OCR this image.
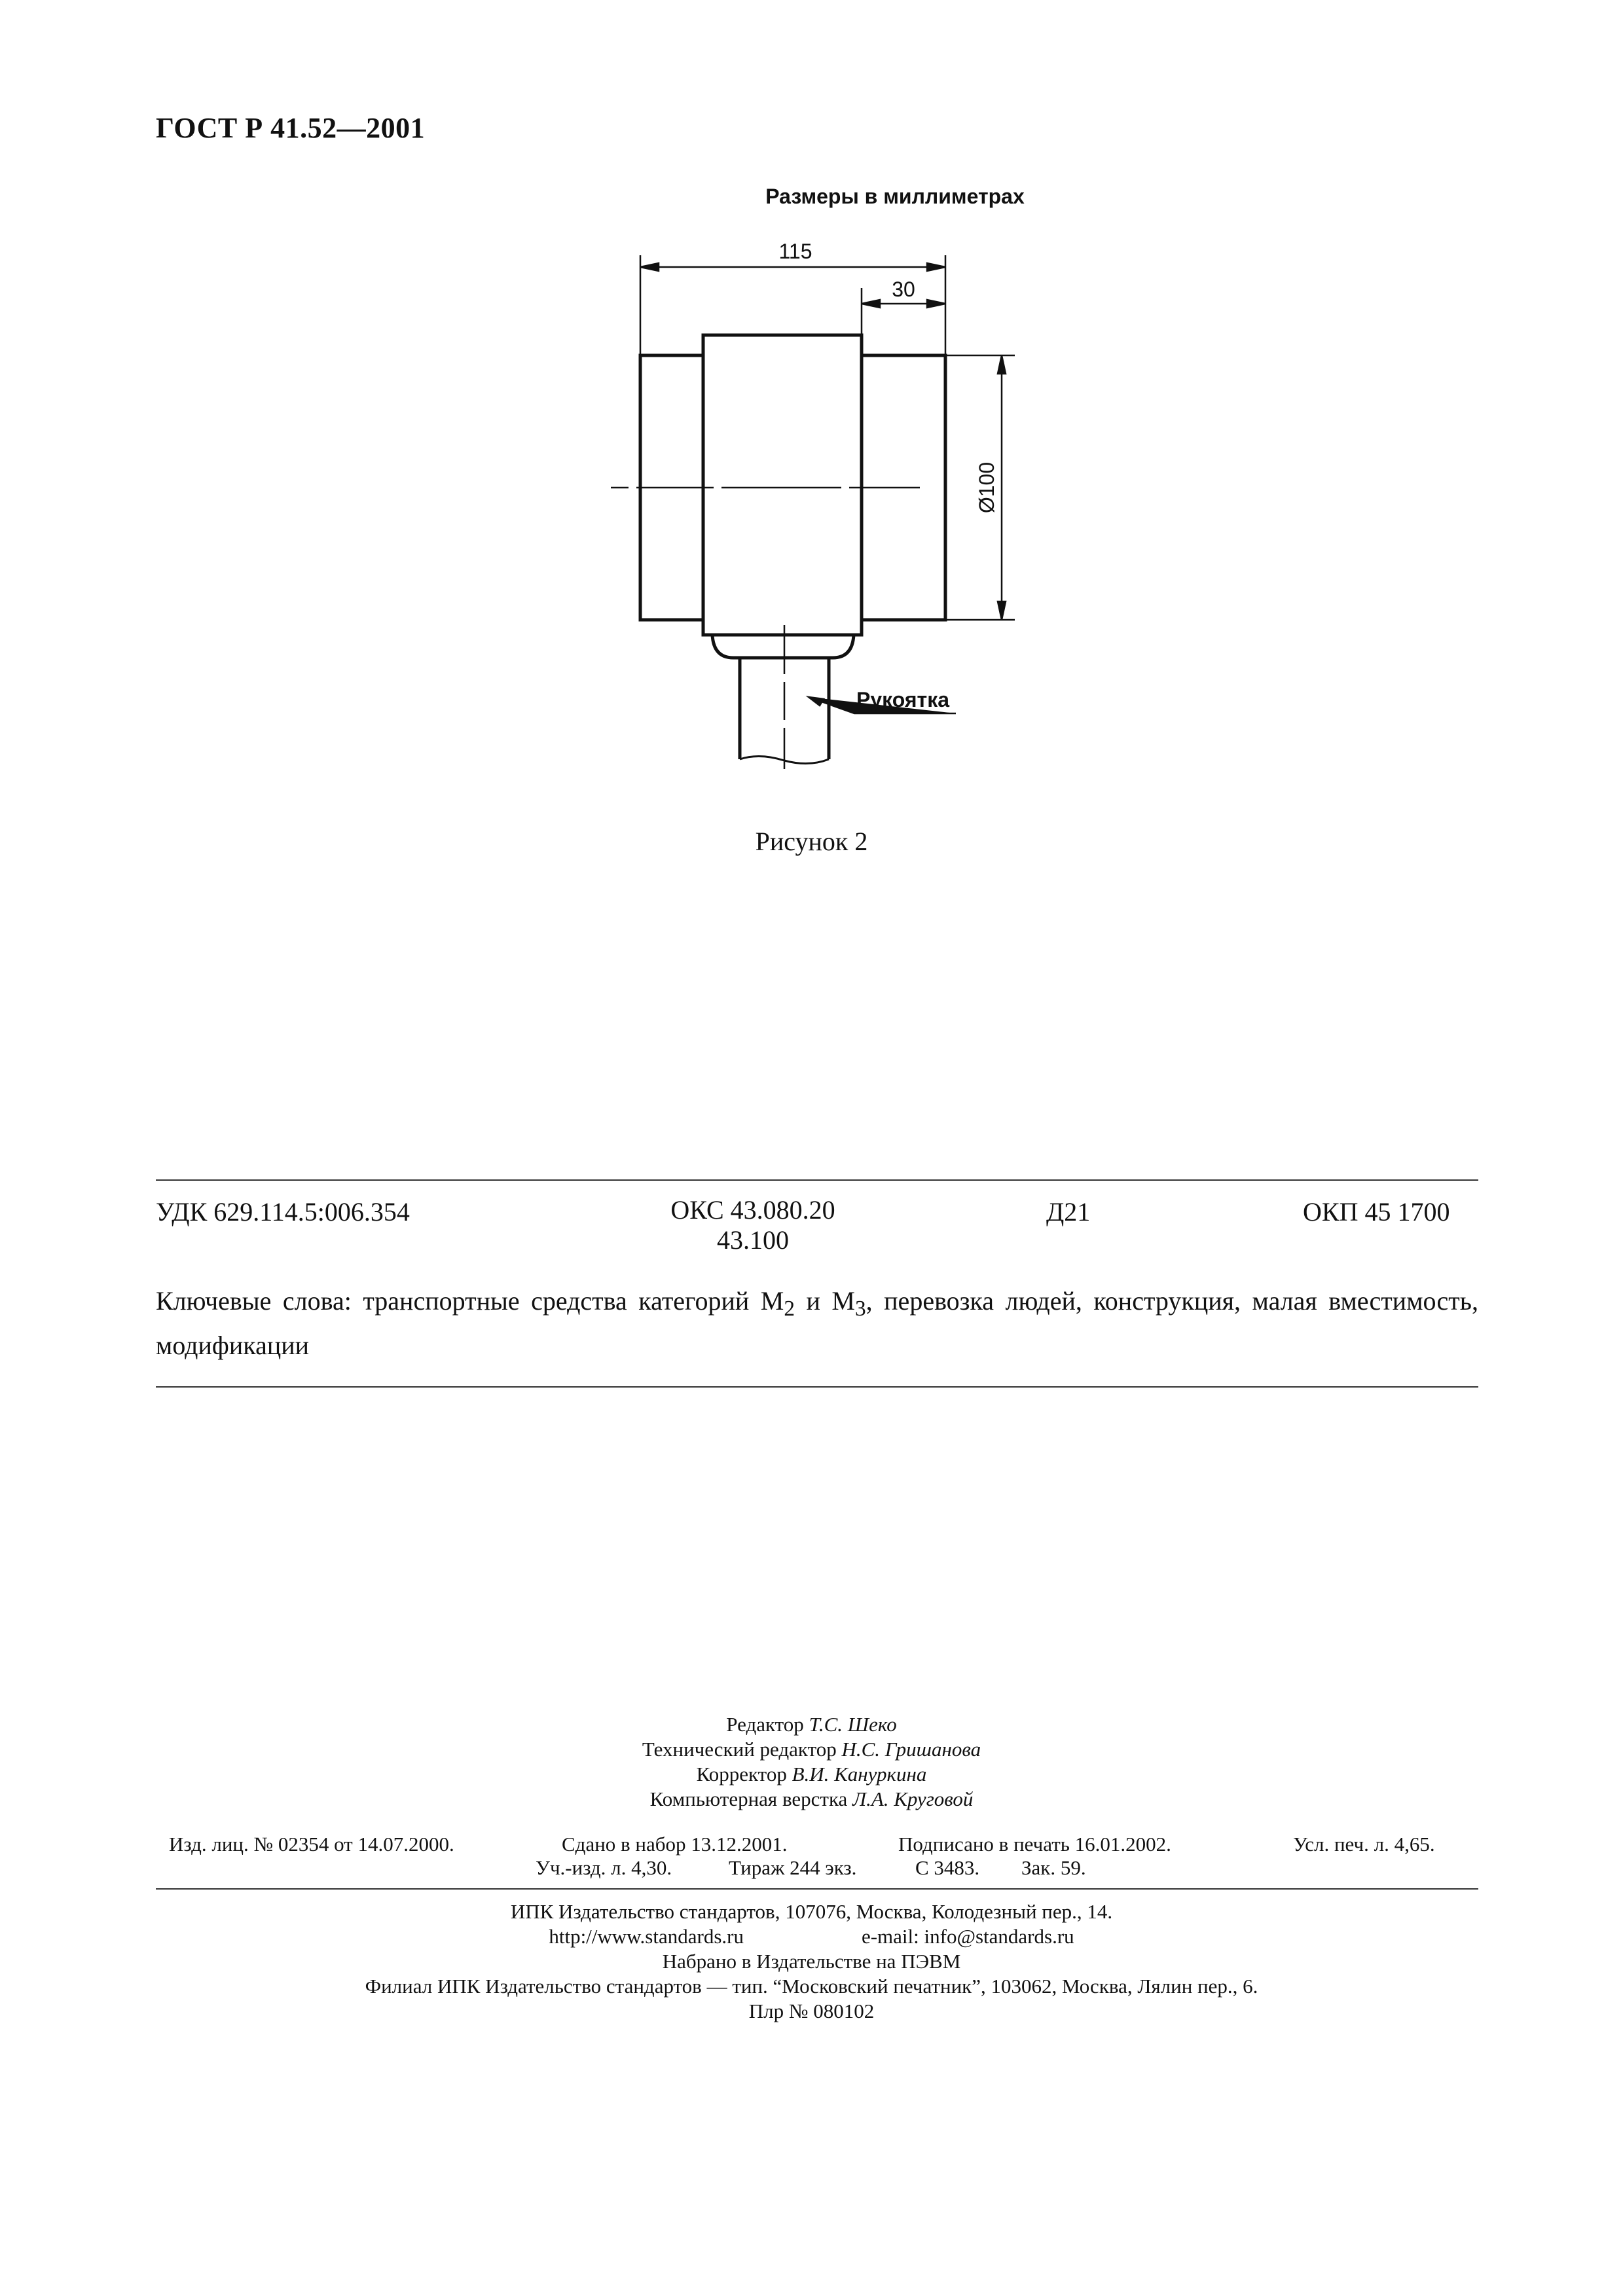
ГОСТ Р 41.52—2001
Размеры в миллиметрах
115
30
Ø100
Рукоятка
Рисунок 2
УДК 629.114.5:006.354	ОКС 43.080.20
43.100
Д21	ОКП 45 1700
Ключевые слова: транспортные средства категорий $М_2$ и $М_3$, перевозка людей, конструкция, малая вместимость, модификации
Редактор Т.С. Шеко
Технический редактор Н.С. Гришанова
Корректор В.И. Кануркина
Компьютерная верстка Л.А. Круговой
Изд. лиц. № 02354 от 14.07.2000.	Сдано в набор 13.12.2001.	Подписано в печать 16.01.2002.	Усл. печ. л. 4,65.
Уч.-изд. л. 4,30.	Тираж 244 экз.	С 3483. Зак. 59.
ИПК Издательство стандартов, 107076, Москва, Колодезный пер., 14.
http://www.standards.ru	e-mail: info@standards.ru
Набрано в Издательстве на ПЭВМ
Филиал ИПК Издательство стандартов — тип. “Московский печатник”, 103062, Москва, Лялин пер., 6.
Плр № 080102
